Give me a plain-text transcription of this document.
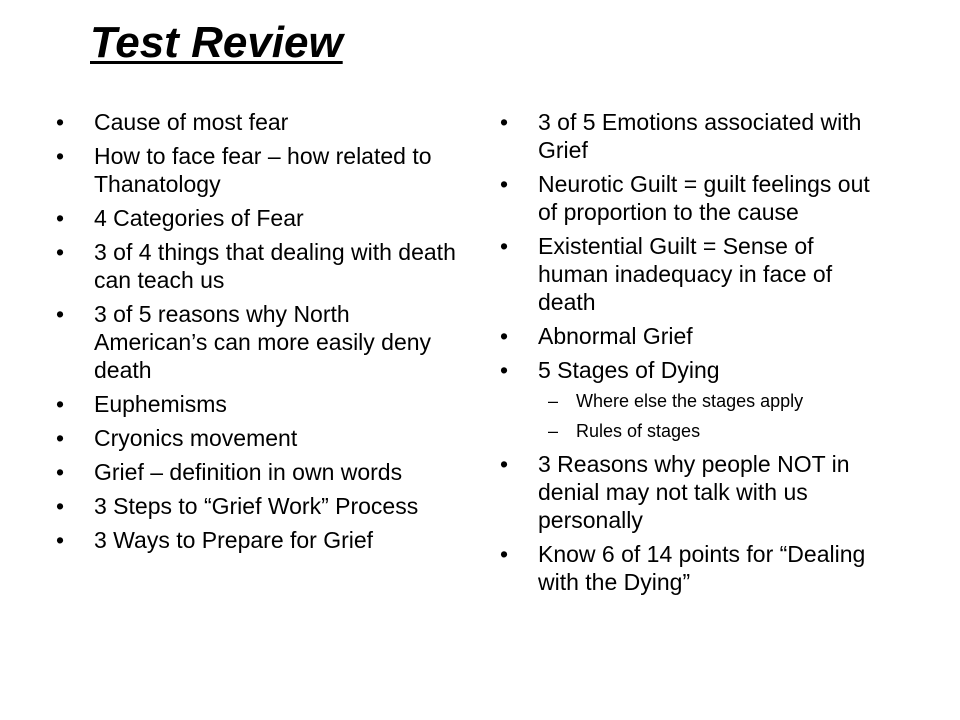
Test Review
•	Cause of most fear
•	How to face fear – how related to Thanatology
•	4 Categories of Fear
•	3 of 4 things that dealing with death can teach us
•	3 of 5 reasons why North American’s can more easily deny death
•	Euphemisms
•	Cryonics movement
•	Grief – definition in own words
•	3 Steps to “Grief Work” Process
•	3 Ways to Prepare for Grief
•	3 of 5 Emotions associated with Grief
•	Neurotic Guilt = guilt feelings out of proportion to the cause
•	Existential Guilt = Sense of human inadequacy in face of death
•	Abnormal Grief
•	5 Stages of Dying
– Where else the stages apply
– Rules of stages
•	3 Reasons why people NOT in denial may not talk with us personally
•	Know 6 of 14 points for “Dealing with the Dying”
